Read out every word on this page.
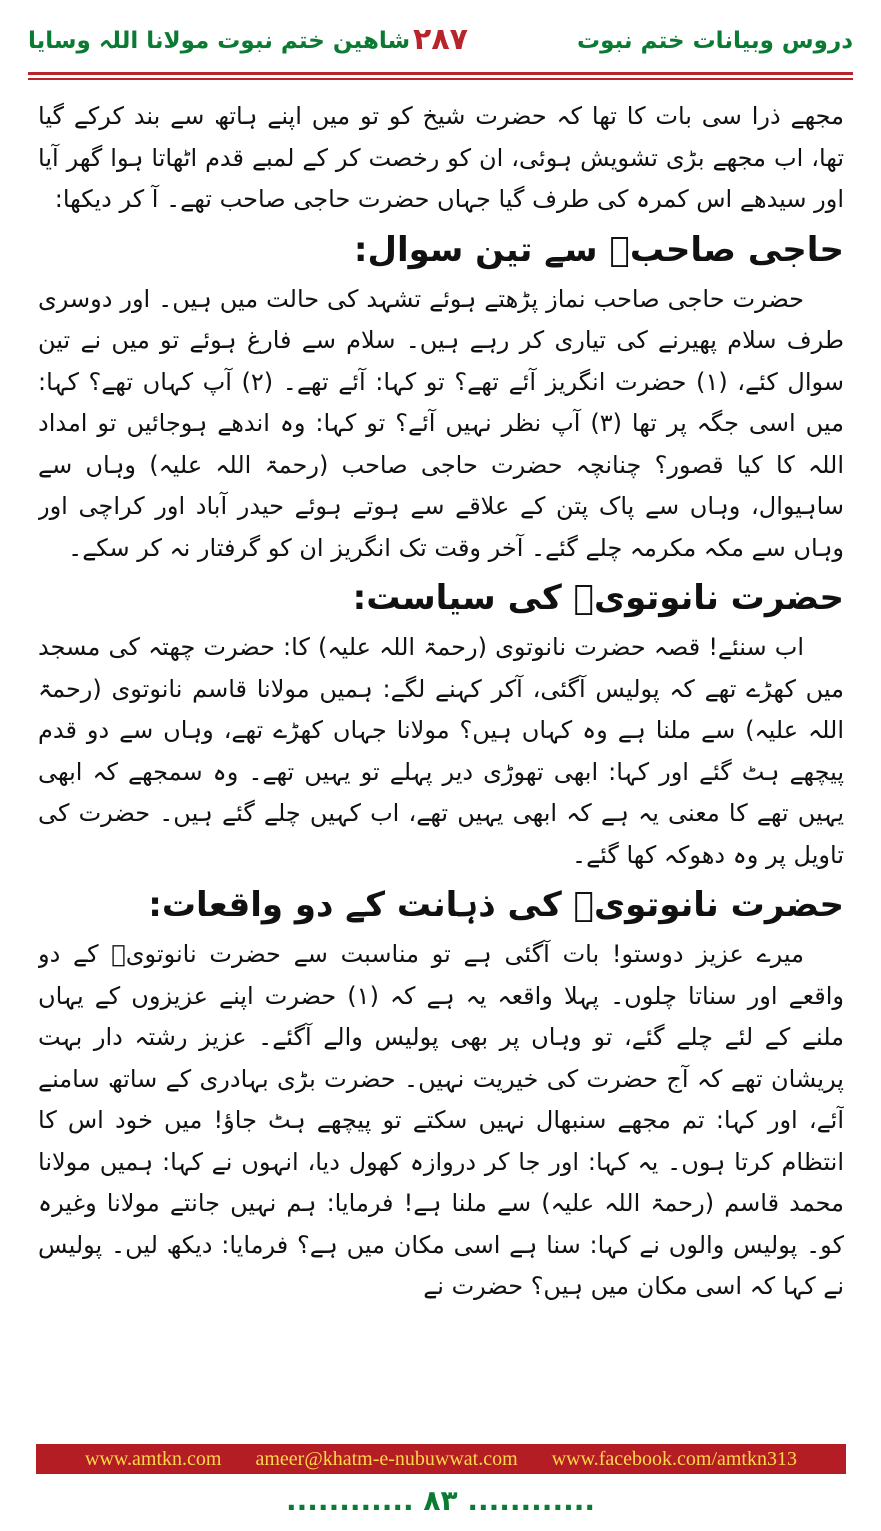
دروس وبیانات ختم نبوت
۲۸۷
شاھین ختم نبوت مولانا اللہ وسایا

مجھے ذرا سی بات کا تھا کہ حضرت شیخ کو تو میں اپنے ہاتھ سے بند کرکے گیا تھا، اب مجھے بڑی تشویش ہوئی، ان کو رخصت کر کے لمبے قدم اٹھاتا ہوا گھر آیا اور سیدھے اس کمرہ کی طرف گیا جہاں حضرت حاجی صاحب تھے۔ آ کر دیکھا:

حاجی صاحبؒ سے تین سوال:

حضرت حاجی صاحب نماز پڑھتے ہوئے تشہد کی حالت میں ہیں۔ اور دوسری طرف سلام پھیرنے کی تیاری کر رہے ہیں۔ سلام سے فارغ ہوئے تو میں نے تین سوال کئے، (۱) حضرت انگریز آئے تھے؟ تو کہا: آئے تھے۔ (۲) آپ کہاں تھے؟ کہا: میں اسی جگہ پر تھا (۳) آپ نظر نہیں آئے؟ تو کہا: وہ اندھے ہوجائیں تو امداد اللہ کا کیا قصور؟ چنانچہ حضرت حاجی صاحب (رحمۃ اللہ علیہ) وہاں سے ساہیوال، وہاں سے پاک پتن کے علاقے سے ہوتے ہوئے حیدر آباد اور کراچی اور وہاں سے مکہ مکرمہ چلے گئے۔ آخر وقت تک انگریز ان کو گرفتار نہ کر سکے۔

حضرت نانوتویؒ کی سیاست:

اب سنئے! قصہ حضرت نانوتوی (رحمۃ اللہ علیہ) کا: حضرت چھتہ کی مسجد میں کھڑے تھے کہ پولیس آگئی، آکر کہنے لگے: ہمیں مولانا قاسم نانوتوی (رحمۃ اللہ علیہ) سے ملنا ہے وہ کہاں ہیں؟ مولانا جہاں کھڑے تھے، وہاں سے دو قدم پیچھے ہٹ گئے اور کہا: ابھی تھوڑی دیر پہلے تو یہیں تھے۔ وہ سمجھے کہ ابھی یہیں تھے کا معنی یہ ہے کہ ابھی یہیں تھے، اب کہیں چلے گئے ہیں۔ حضرت کی تاویل پر وہ دھوکہ کھا گئے۔

حضرت نانوتویؒ کی ذہانت کے دو واقعات:

میرے عزیز دوستو! بات آگئی ہے تو مناسبت سے حضرت نانوتویؒ کے دو واقعے اور سناتا چلوں۔ پہلا واقعہ یہ ہے کہ (۱) حضرت اپنے عزیزوں کے یہاں ملنے کے لئے چلے گئے، تو وہاں پر بھی پولیس والے آگئے۔ عزیز رشتہ دار بہت پریشان تھے کہ آج حضرت کی خیریت نہیں۔ حضرت بڑی بہادری کے ساتھ سامنے آئے، اور کہا: تم مجھے سنبھال نہیں سکتے تو پیچھے ہٹ جاؤ! میں خود اس کا انتظام کرتا ہوں۔ یہ کہا: اور جا کر دروازہ کھول دیا، انہوں نے کہا: ہمیں مولانا محمد قاسم (رحمۃ اللہ علیہ) سے ملنا ہے! فرمایا: ہم نہیں جانتے مولانا وغیرہ کو۔ پولیس والوں نے کہا: سنا ہے اسی مکان میں ہے؟ فرمایا: دیکھ لیں۔ پولیس نے کہا کہ اسی مکان میں ہیں؟ حضرت نے

www.amtkn.com ameer@khatm-e-nubuwwat.com www.facebook.com/amtkn313
............ ۸۳ ............
